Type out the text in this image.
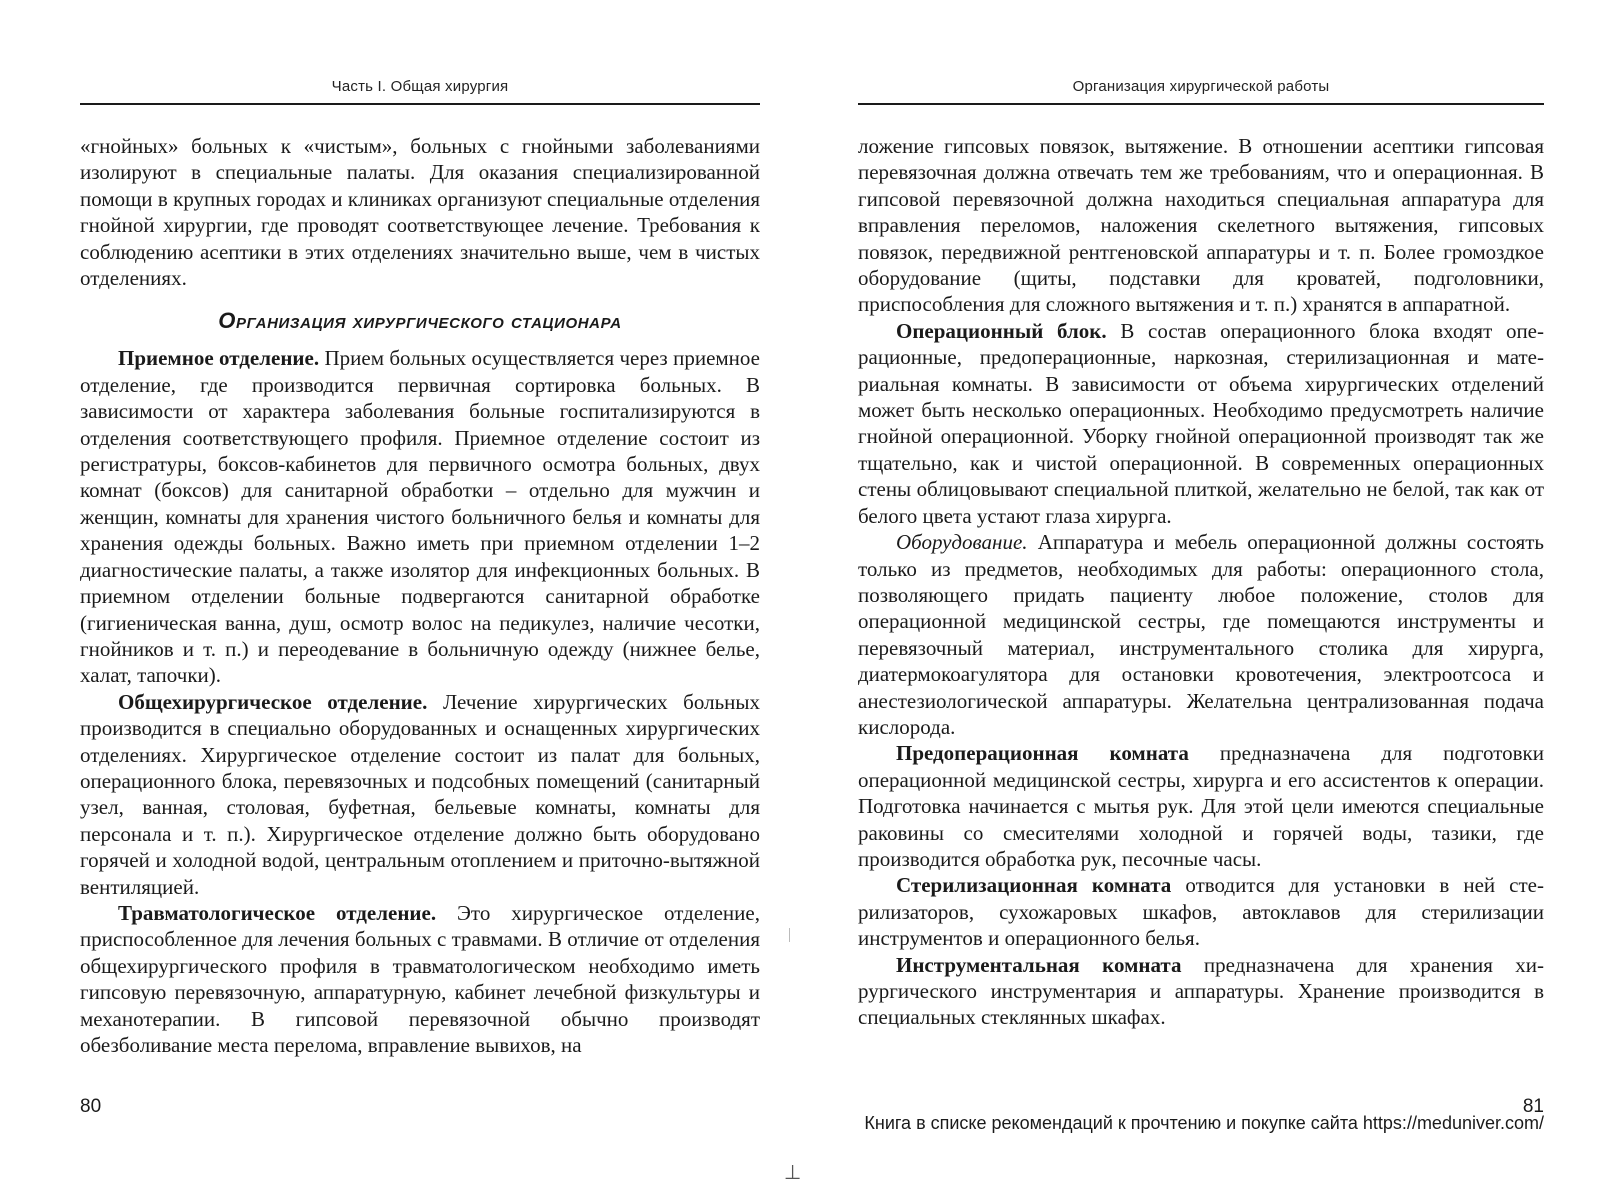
Часть I. Общая хирургия

«гнойных» больных к «чистым», больных с гнойными заболеваниями изолируют в специальные палаты. Для оказания специализированной помощи в крупных городах и клиниках организуют специальные отделения гнойной хирургии, где проводят соответствующее лечение. Требования к соблюдению асептики в этих отделениях значительно выше, чем в чистых отделениях.

Организация хирургического стационара

Приемное отделение. Прием больных осуществляется через приемное отделение, где производится первичная сортировка больных. В зависимости от характера заболевания больные госпитализируются в отделения соответствующего профиля. Приемное отделение состоит из регистратуры, боксов-кабинетов для первичного осмотра больных, двух комнат (боксов) для санитарной обработки – отдельно для мужчин и женщин, комнаты для хранения чистого больничного белья и комнаты для хранения одежды больных. Важно иметь при приемном отделении 1–2 диагностические палаты, а также изолятор для инфекционных больных. В приемном отделении больные подвергаются санитарной обработке (гигиеническая ванна, душ, осмотр волос на педикулез, наличие чесотки, гнойников и т. п.) и переодевание в больничную одежду (нижнее белье, халат, тапочки).

Общехирургическое отделение. Лечение хирургических больных производится в специально оборудованных и оснащенных хирургических отделениях. Хирургическое отделение состоит из палат для больных, операционного блока, перевязочных и подсобных помещений (санитарный узел, ванная, столовая, буфетная, бельевые комнаты, комнаты для персонала и т. п.). Хирургическое отделение должно быть оборудовано горячей и холодной водой, центральным отоплением и приточно-вытяжной вентиляцией.

Травматологическое отделение. Это хирургическое отделение, приспособленное для лечения больных с травмами. В отличие от отделения общехирургического профиля в травматологическом необходимо иметь гипсовую перевязочную, аппаратурную, кабинет лечебной физкультуры и механотерапии. В гипсовой перевязочной обычно производят обезболивание места перелома, вправление вывихов, на

80
Организация хирургической работы

ложение гипсовых повязок, вытяжение. В отношении асептики гипсовая перевязочная должна отвечать тем же требованиям, что и операционная. В гипсовой перевязочной должна находиться специальная аппаратура для вправления переломов, наложения скелетного вытяжения, гипсовых повязок, передвижной рентгеновской аппаратуры и т. п. Более громоздкое оборудование (щиты, подставки для кроватей, подголовники, приспособления для сложного вытяжения и т. п.) хранятся в аппаратной.

Операционный блок. В состав операционного блока входят операционные, предоперационные, наркозная, стерилизационная и материальная комнаты. В зависимости от объема хирургических отделений может быть несколько операционных. Необходимо предусмотреть наличие гнойной операционной. Уборку гнойной операционной производят так же тщательно, как и чистой операционной. В современных операционных стены облицовывают специальной плиткой, желательно не белой, так как от белого цвета устают глаза хирурга.

Оборудование. Аппаратура и мебель операционной должны состоять только из предметов, необходимых для работы: операционного стола, позволяющего придать пациенту любое положение, столов для операционной медицинской сестры, где помещаются инструменты и перевязочный материал, инструментального столика для хирурга, диатермокоагулятора для остановки кровотечения, электроотсоса и анестезиологической аппаратуры. Желательна централизованная подача кислорода.

Предоперационная комната предназначена для подготовки операционной медицинской сестры, хирурга и его ассистентов к операции. Подготовка начинается с мытья рук. Для этой цели имеются специальные раковины со смесителями холодной и горячей воды, тазики, где производится обработка рук, песочные часы.

Стерилизационная комната отводится для установки в ней стерилизаторов, сухожаровых шкафов, автоклавов для стерилизации инструментов и операционного белья.

Инструментальная комната предназначена для хранения хирургического инструментария и аппаратуры. Хранение производится в специальных стеклянных шкафах.

81
Книга в списке рекомендаций к прочтению и покупке сайта https://meduniver.com/
⊥
